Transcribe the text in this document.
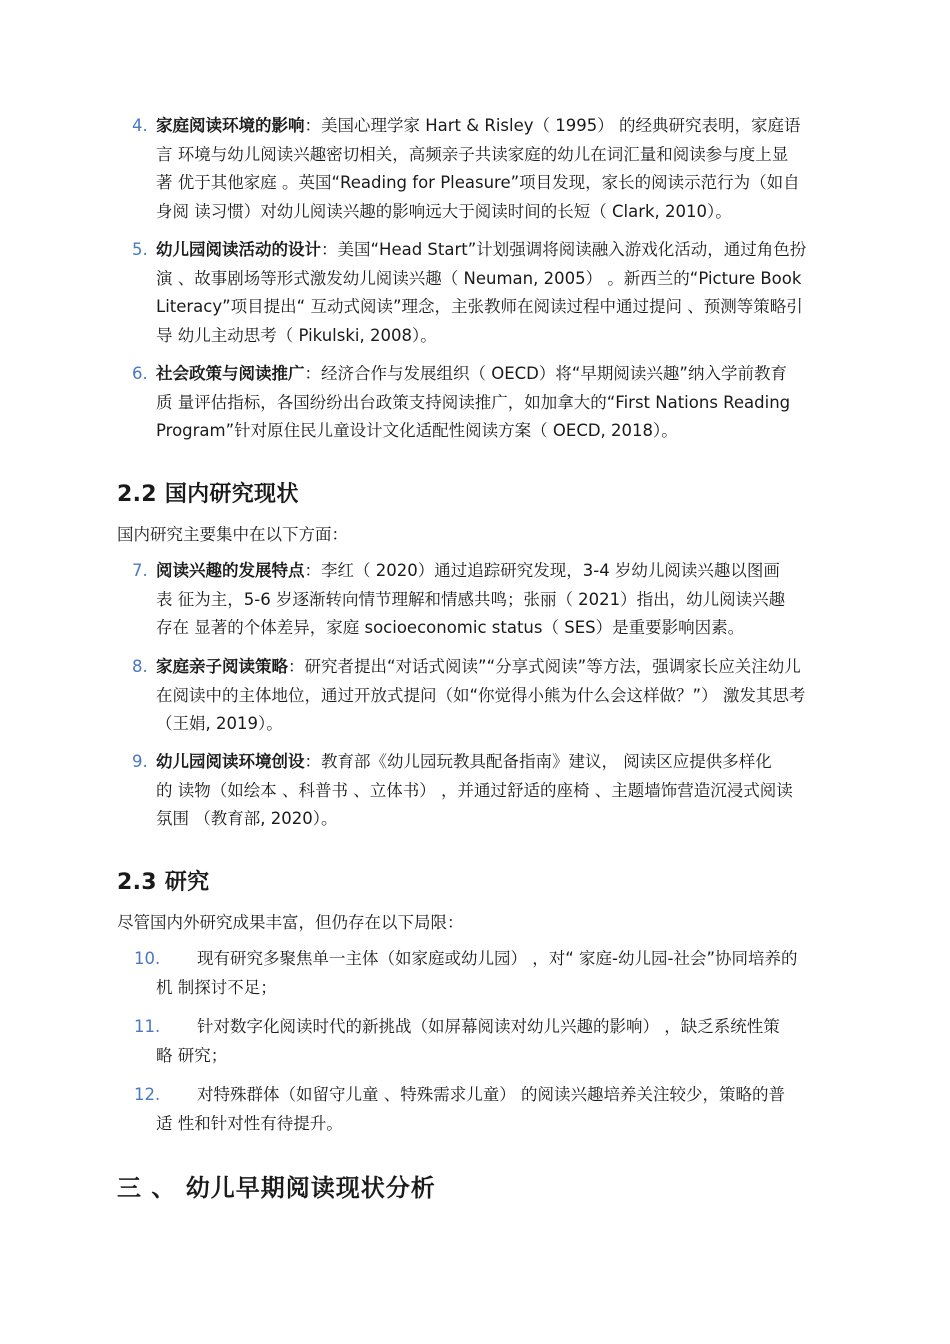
4. 家庭阅读环境的影响：美国心理学家 Hart & Risley（ 1995） 的经典研究表明，家庭语
言 环境与幼儿阅读兴趣密切相关，高频亲子共读家庭的幼儿在词汇量和阅读参与度上显
著 优于其他家庭 。英国“Reading for Pleasure”项目发现，家长的阅读示范行为（如自
身阅 读习惯）对幼儿阅读兴趣的影响远大于阅读时间的长短（ Clark, 2010）。
5. 幼儿园阅读活动的设计：美国“Head Start”计划强调将阅读融入游戏化活动，通过角色扮
演 、故事剧场等形式激发幼儿阅读兴趣（ Neuman, 2005） 。新西兰的“Picture Book
Literacy”项目提出“ 互动式阅读”理念，主张教师在阅读过程中通过提问 、预测等策略引
导 幼儿主动思考（ Pikulski, 2008）。
6. 社会政策与阅读推广：经济合作与发展组织（ OECD）将“早期阅读兴趣”纳入学前教育
质 量评估指标，各国纷纷出台政策支持阅读推广，如加拿大的“First Nations Reading
Program”针对原住民儿童设计文化适配性阅读方案（ OECD, 2018）。
2.2 国内研究现状
国内研究主要集中在以下方面：
7. 阅读兴趣的发展特点：李红（ 2020）通过追踪研究发现，3-4 岁幼儿阅读兴趣以图画
表 征为主，5-6 岁逐渐转向情节理解和情感共鸣；张丽（ 2021）指出，幼儿阅读兴趣
存在 显著的个体差异，家庭 socioeconomic status（ SES）是重要影响因素。
8. 家庭亲子阅读策略：研究者提出“对话式阅读”“分享式阅读”等方法，强调家长应关注幼儿
在阅读中的主体地位，通过开放式提问（如“你觉得小熊为什么会这样做？”） 激发其思考
（王娟, 2019）。
9. 幼儿园阅读环境创设：教育部《幼儿园玩教具配备指南》建议， 阅读区应提供多样化
的 读物（如绘本 、科普书 、立体书） ，并通过舒适的座椅 、主题墙饰营造沉浸式阅读
氛围 （教育部, 2020）。
2.3 研究
尽管国内外研究成果丰富，但仍存在以下局限：
10.	现有研究多聚焦单一主体（如家庭或幼儿园） ，对“ 家庭-幼儿园-社会”协同培养的
机 制探讨不足；
11.	针对数字化阅读时代的新挑战（如屏幕阅读对幼儿兴趣的影响） ，缺乏系统性策
略 研究；
12.	对特殊群体（如留守儿童 、特殊需求儿童） 的阅读兴趣培养关注较少，策略的普
适 性和针对性有待提升。
三 、 幼儿早期阅读现状分析
